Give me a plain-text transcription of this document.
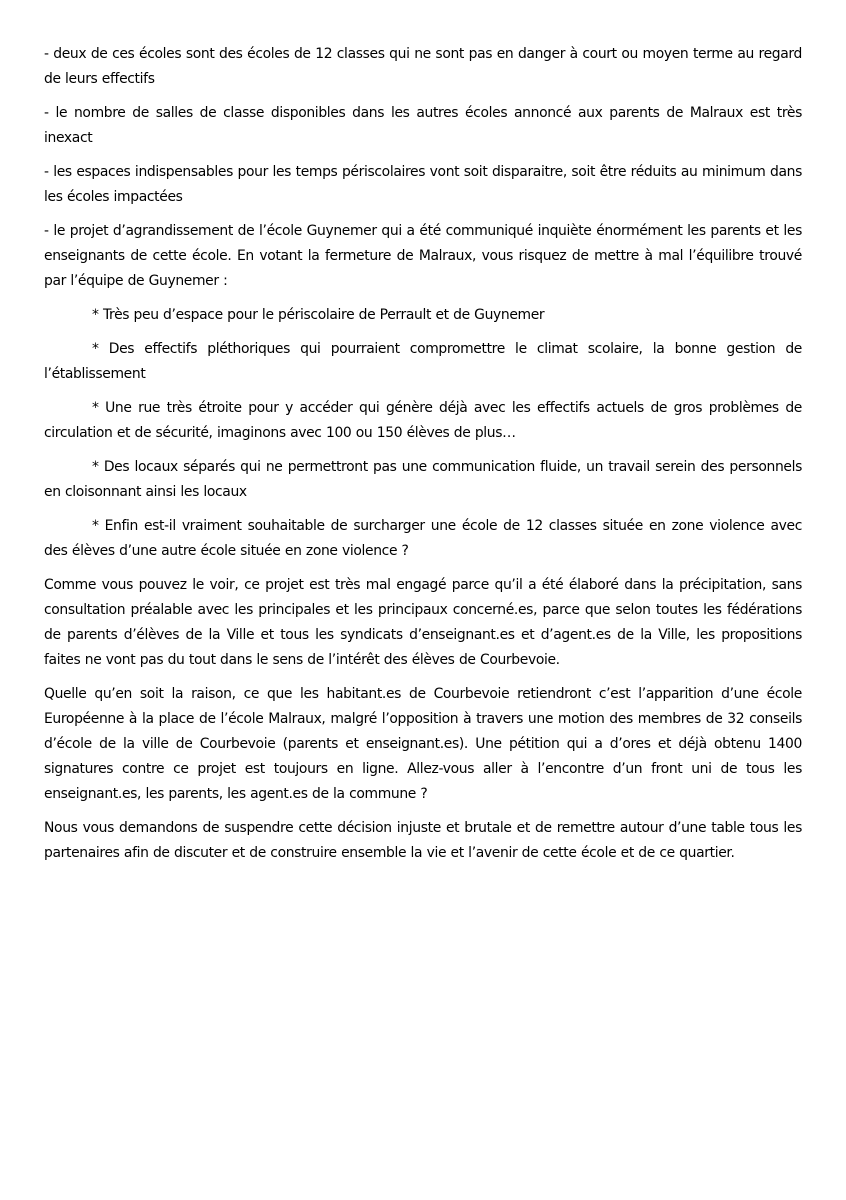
- deux de ces écoles sont des écoles de 12 classes qui ne sont pas en danger à court ou moyen terme au regard de leurs effectifs

- le nombre de salles de classe disponibles dans les autres écoles annoncé aux parents de Malraux est très inexact

- les espaces indispensables pour les temps périscolaires vont soit disparaitre, soit être réduits au minimum dans les écoles impactées

- le projet d’agrandissement de l’école Guynemer qui a été communiqué inquiète énormément les parents et les enseignants de cette école. En votant la fermeture de Malraux, vous risquez de mettre à mal l’équilibre trouvé par l’équipe de Guynemer :

* Très peu d’espace pour le périscolaire de Perrault et de Guynemer

* Des effectifs pléthoriques qui pourraient compromettre le climat scolaire, la bonne gestion de l’établissement

* Une rue très étroite pour y accéder qui génère déjà avec les effectifs actuels de gros problèmes de circulation et de sécurité, imaginons avec 100 ou 150 élèves de plus…

* Des locaux séparés qui ne permettront pas une communication fluide, un travail serein des personnels en cloisonnant ainsi les locaux

* Enfin est-il vraiment souhaitable de surcharger une école de 12 classes située en zone violence avec des élèves d’une autre école située en zone violence ?

Comme vous pouvez le voir, ce projet est très mal engagé parce qu’il a été élaboré dans la précipitation, sans consultation préalable avec les principales et les principaux concerné.es, parce que selon toutes les fédérations de parents d’élèves de la Ville et tous les syndicats d’enseignant.es et d’agent.es de la Ville, les propositions faites ne vont pas du tout dans le sens de l’intérêt des élèves de Courbevoie.

Quelle qu’en soit la raison, ce que les habitant.es de Courbevoie retiendront c’est l’apparition d’une école Européenne à la place de l’école Malraux, malgré l’opposition à travers une motion des membres de 32 conseils d’école de la ville de Courbevoie (parents et enseignant.es). Une pétition qui a d’ores et déjà obtenu 1400 signatures contre ce projet est toujours en ligne. Allez-vous aller à l’encontre d’un front uni de tous les enseignant.es, les parents, les agent.es de la commune ?

Nous vous demandons de suspendre cette décision injuste et brutale et de remettre autour d’une table tous les partenaires afin de discuter et de construire ensemble la vie et l’avenir de cette école et de ce quartier.
